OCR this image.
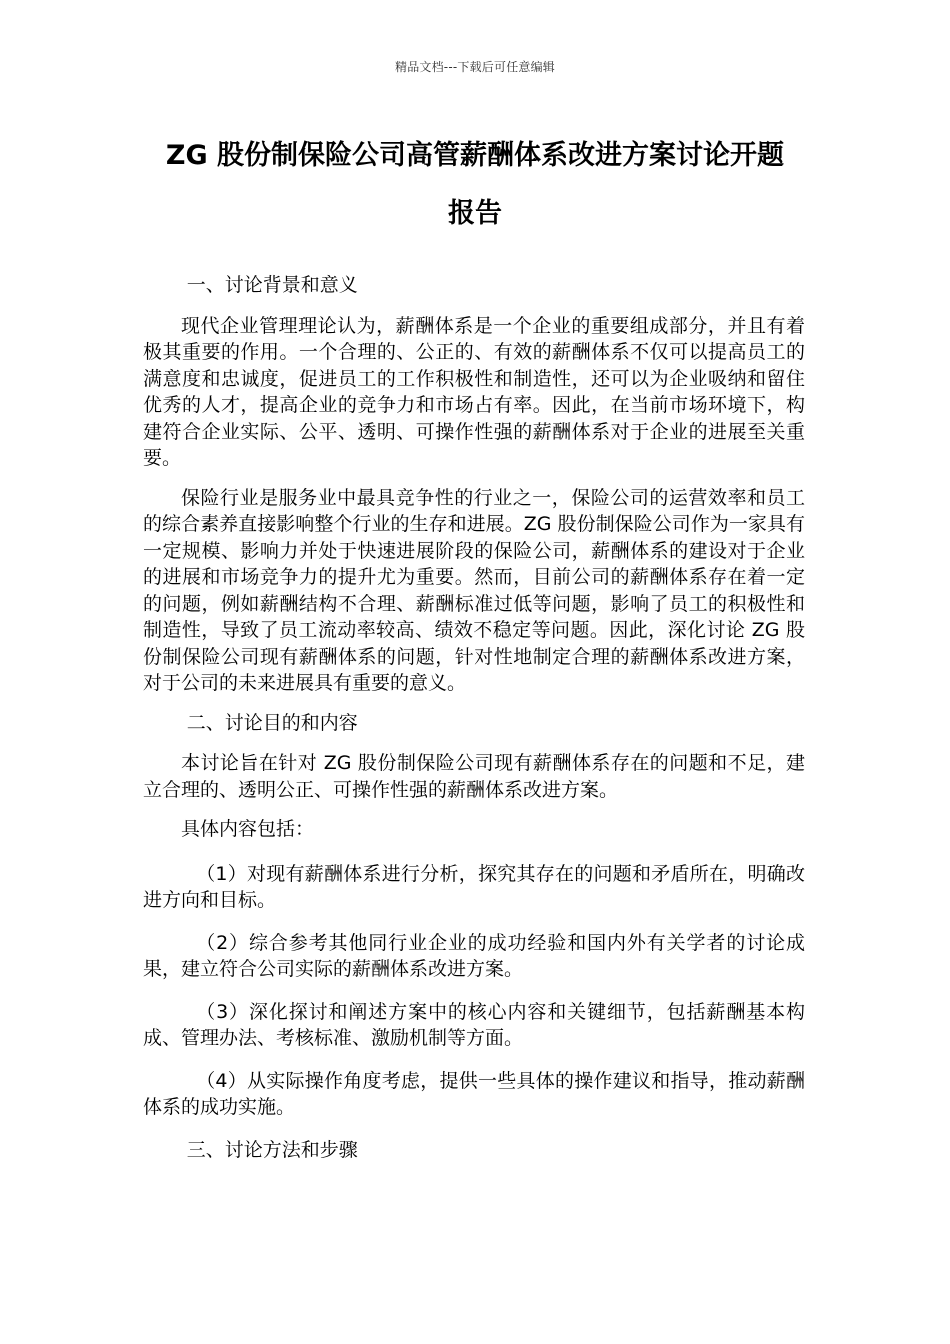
精品文档---下载后可任意编辑
ZG 股份制保险公司高管薪酬体系改进方案讨论开题
报告

一、讨论背景和意义

现代企业管理理论认为，薪酬体系是一个企业的重要组成部分，并且有着极其重要的作用。一个合理的、公正的、有效的薪酬体系不仅可以提高员工的满意度和忠诚度，促进员工的工作积极性和制造性，还可以为企业吸纳和留住优秀的人才，提高企业的竞争力和市场占有率。因此，在当前市场环境下，构建符合企业实际、公平、透明、可操作性强的薪酬体系对于企业的进展至关重要。

保险行业是服务业中最具竞争性的行业之一，保险公司的运营效率和员工的综合素养直接影响整个行业的生存和进展。ZG 股份制保险公司作为一家具有一定规模、影响力并处于快速进展阶段的保险公司，薪酬体系的建设对于企业的进展和市场竞争力的提升尤为重要。然而，目前公司的薪酬体系存在着一定的问题，例如薪酬结构不合理、薪酬标准过低等问题，影响了员工的积极性和制造性，导致了员工流动率较高、绩效不稳定等问题。因此，深化讨论 ZG 股份制保险公司现有薪酬体系的问题，针对性地制定合理的薪酬体系改进方案，对于公司的未来进展具有重要的意义。

二、讨论目的和内容

本讨论旨在针对 ZG 股份制保险公司现有薪酬体系存在的问题和不足，建立合理的、透明公正、可操作性强的薪酬体系改进方案。

具体内容包括：

（1）对现有薪酬体系进行分析，探究其存在的问题和矛盾所在，明确改进方向和目标。

（2）综合参考其他同行业企业的成功经验和国内外有关学者的讨论成果，建立符合公司实际的薪酬体系改进方案。

（3）深化探讨和阐述方案中的核心内容和关键细节，包括薪酬基本构成、管理办法、考核标准、激励机制等方面。

（4）从实际操作角度考虑，提供一些具体的操作建议和指导，推动薪酬体系的成功实施。

三、讨论方法和步骤
